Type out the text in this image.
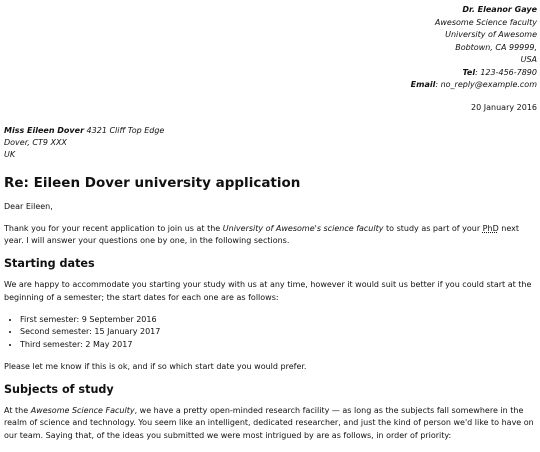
Dr. Eleanor Gaye
Awesome Science faculty
University of Awesome
Bobtown, CA 99999,
USA
Tel: 123-456-7890
Email: no_reply@example.com
20 January 2016
Miss Eileen Dover 4321 Cliff Top Edge
Dover, CT9 XXX
UK
Re: Eileen Dover university application

Dear Eileen,

Thank you for your recent application to join us at the University of Awesome's science faculty to study as part of your PhD next year. I will answer your questions one by one, in the following sections.

Starting dates

We are happy to accommodate you starting your study with us at any time, however it would suit us better if you could start at the beginning of a semester; the start dates for each one are as follows:

• First semester: 9 September 2016
• Second semester: 15 January 2017
• Third semester: 2 May 2017

Please let me know if this is ok, and if so which start date you would prefer.

Subjects of study

At the Awesome Science Faculty, we have a pretty open-minded research facility — as long as the subjects fall somewhere in the realm of science and technology. You seem like an intelligent, dedicated researcher, and just the kind of person we'd like to have on our team. Saying that, of the ideas you submitted we were most intrigued by are as follows, in order of priority:
